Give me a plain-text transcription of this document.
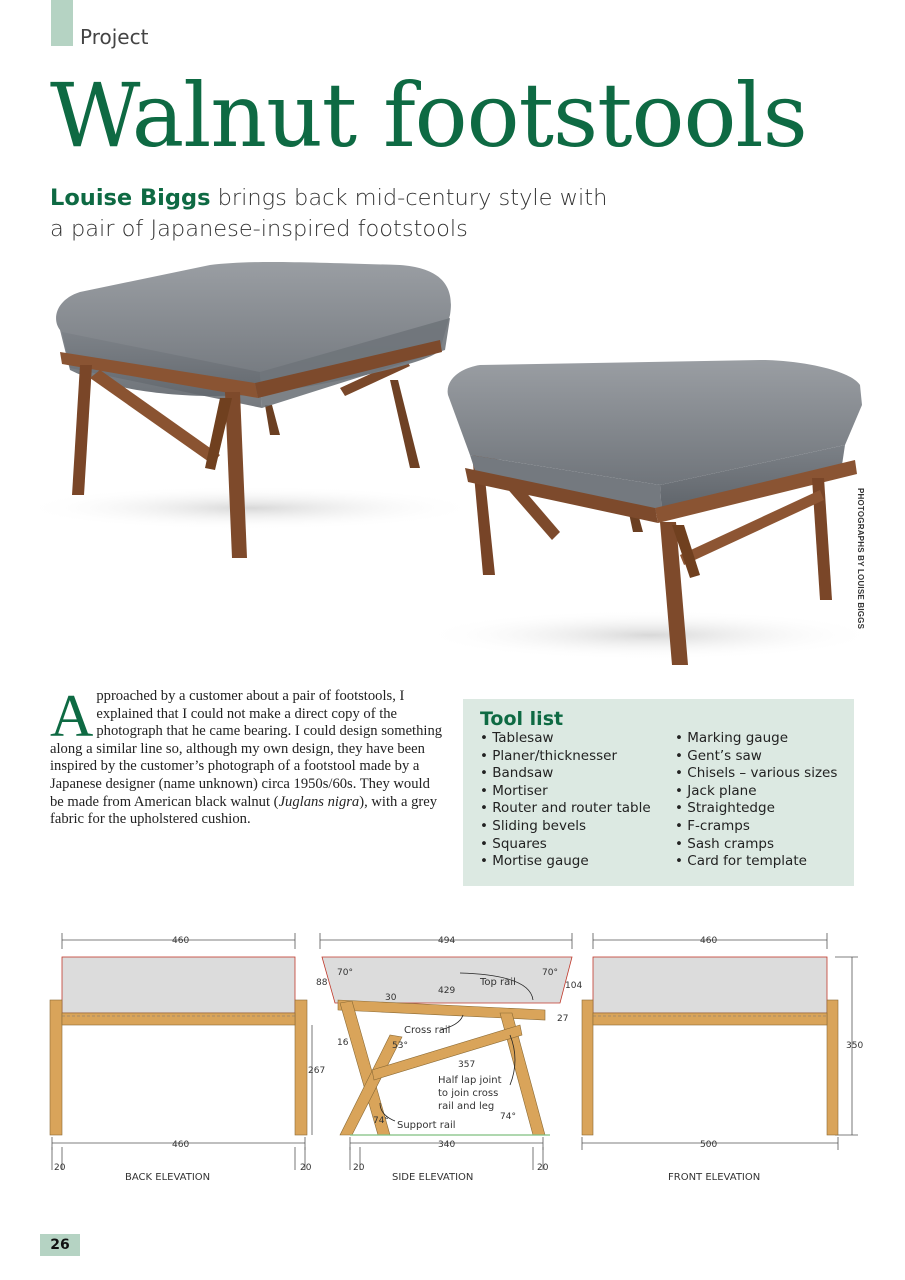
Project
Walnut footstools
Louise Biggs brings back mid-century style with a pair of Japanese-inspired footstools
PHOTOGRAPHS BY LOUISE BIGGS

Approached by a customer about a pair of footstools, I explained that I could not make a direct copy of the photograph that he came bearing. I could design something along a similar line so, although my own design, they have been inspired by the customer’s photograph of a footstool made by a Japanese designer (name unknown) circa 1950s/60s. They would be made from American black walnut (Juglans nigra), with a grey fabric for the upholstered cushion.

Tool list
• Tablesaw
• Planer/thicknesser
• Bandsaw
• Mortiser
• Router and router table
• Sliding bevels
• Squares
• Mortise gauge
• Marking gauge
• Gent’s saw
• Chisels – various sizes
• Jack plane
• Straightedge
• F-cramps
• Sash cramps
• Card for template
460
460
267
20	20
BACK ELEVATION
494
429
30
88	104
27
16
357
340
70°	70°
53°
74°	74°
20	20
Top rail
Cross rail
Half lap joint
to join cross
rail and leg
Support rail
SIDE ELEVATION
460
500
350
FRONT ELEVATION
26
